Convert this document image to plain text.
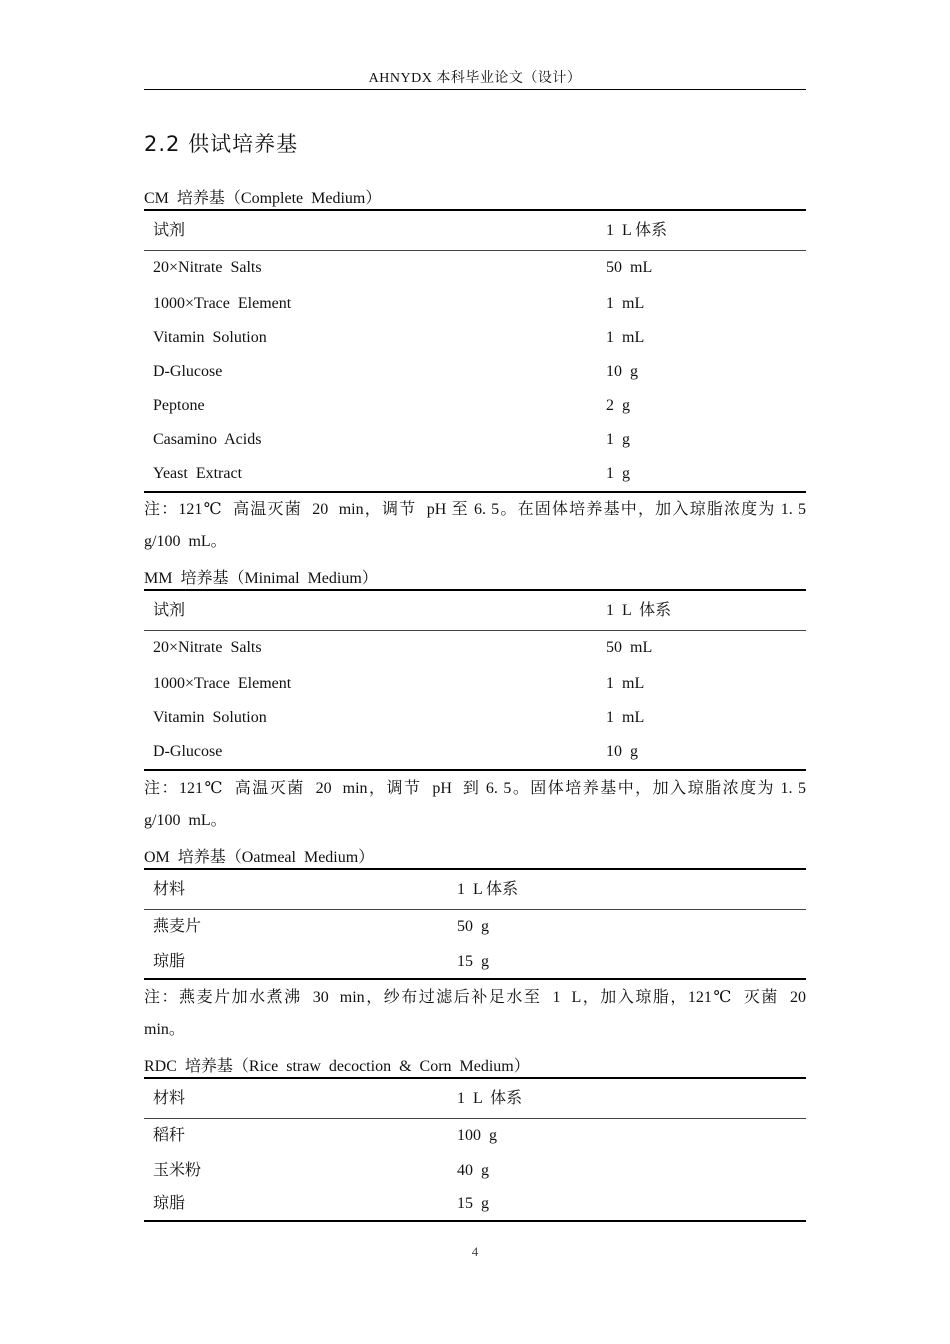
AHNYDX 本科毕业论文（设计）
2.2 供试培养基
CM  培养基（Complete  Medium）
试剂	1  L 体系
20×Nitrate  Salts	50  mL
1000×Trace  Element	1  mL
Vitamin  Solution	1  mL
D-Glucose	10  g
Peptone	2  g
Casamino  Acids	1  g
Yeast  Extract	1  g
注：121℃  高温灭菌  20  min，调节  pH 至 6. 5。在固体培养基中，加入琼脂浓度为 1. 5
g/100  mL。
MM  培养基（Minimal  Medium）
试剂	1  L  体系
20×Nitrate  Salts	50  mL
1000×Trace  Element	1  mL
Vitamin  Solution	1  mL
D-Glucose	10  g
注：121℃  高温灭菌  20  min，调节  pH  到 6. 5。固体培养基中，加入琼脂浓度为 1. 5
g/100  mL。
OM  培养基（Oatmeal  Medium）
材料	1  L 体系
燕麦片	50  g
琼脂	15  g
注：燕麦片加水煮沸  30  min，纱布过滤后补足水至  1  L，加入琼脂，121℃  灭菌  20
min。
RDC  培养基（Rice  straw  decoction  &  Corn  Medium）
材料	1  L  体系
稻秆	100  g
玉米粉	40  g
琼脂	15  g
4
